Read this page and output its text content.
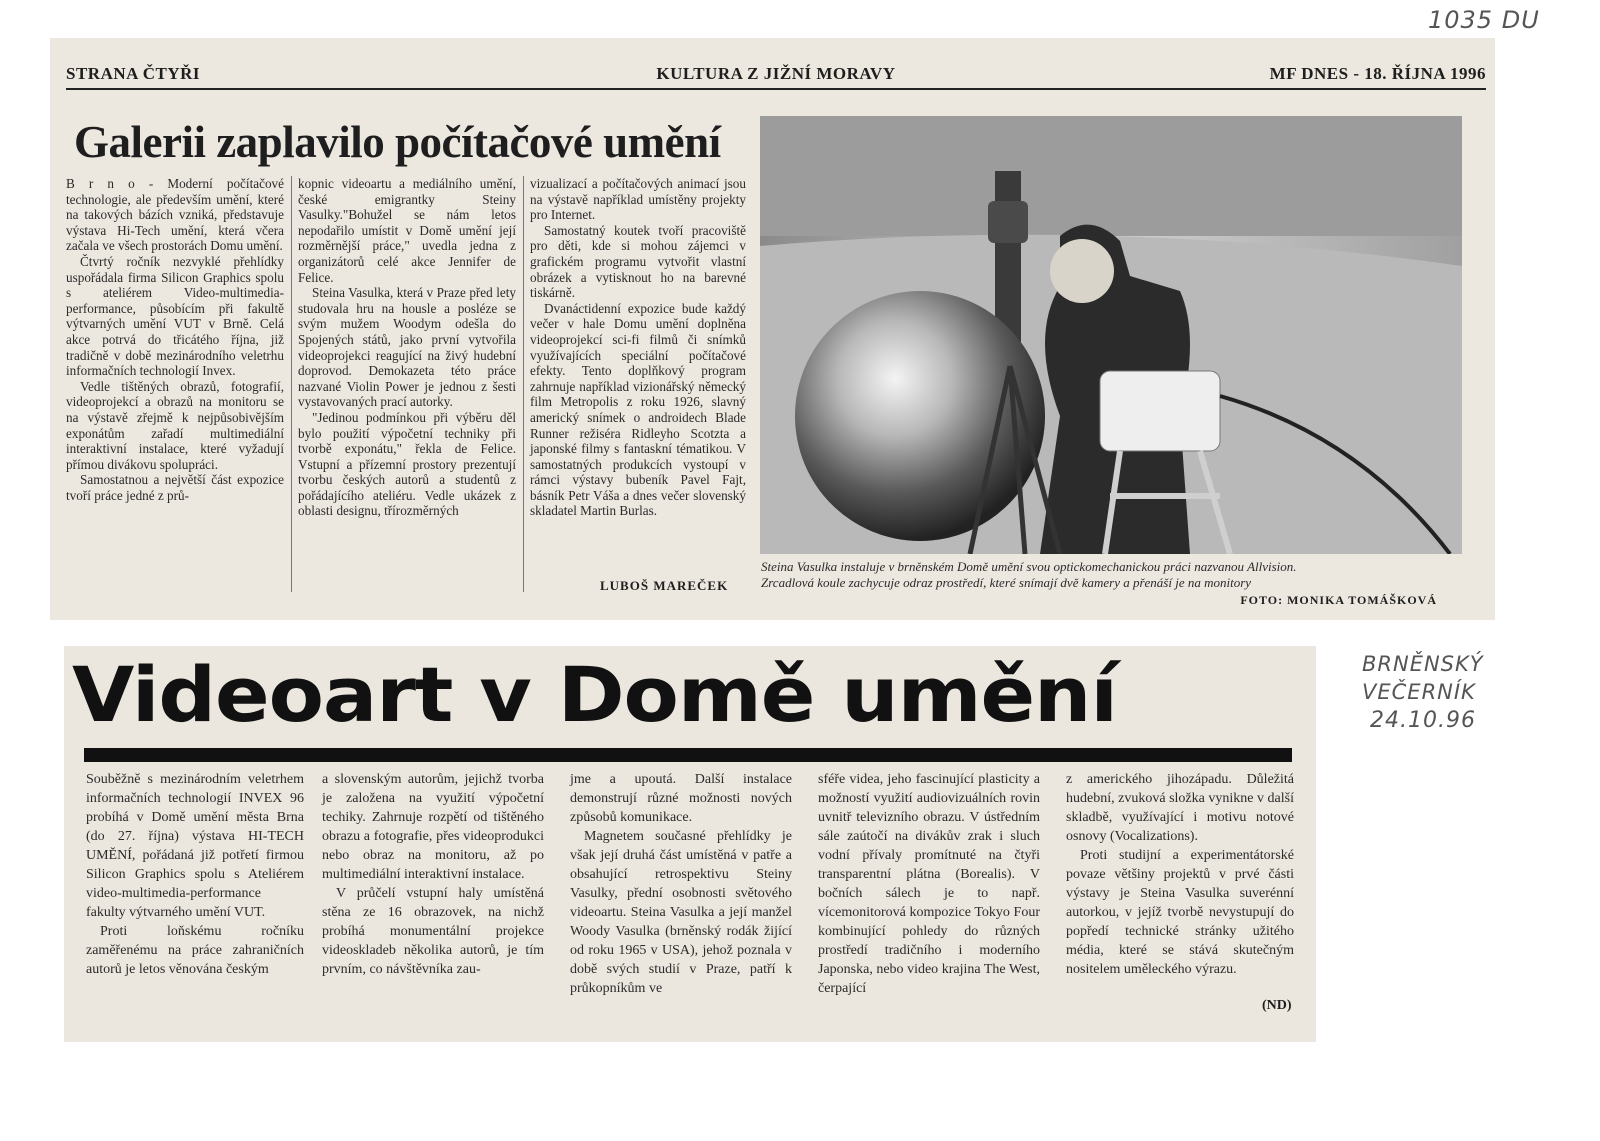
1035 DU
BRNĚNSKÝ
VEČERNÍK
24.10.96
STRANA ČTYŘI	KULTURA Z JIŽNÍ MORAVY	MF DNES - 18. ŘÍJNA 1996
Galerii zaplavilo počítačové umění

B r n o - Moderní počítačové technologie, ale především umění, které na takových bázích vzniká, představuje výstava Hi-Tech umění, která včera začala ve všech prostorách Domu umění.

Čtvrtý ročník nezvyklé přehlídky uspořádala firma Silicon Graphics spolu s ateliérem Video-multimedia-performance, působícím při fakultě výtvarných umění VUT v Brně. Celá akce potrvá do třicátého října, již tradičně v době mezinárodního veletrhu informačních technologií Invex.

Vedle tištěných obrazů, fotografií, videoprojekcí a obrazů na monitoru se na výstavě zřejmě k nejpůsobivějším exponátům zařadí multimediální interaktivní instalace, které vyžadují přímou divákovu spolupráci.

Samostatnou a největší část expozice tvoří práce jedné z prů-

kopnic videoartu a mediálního umění, české emigrantky Steiny Vasulky."Bohužel se nám letos nepodařilo umístit v Domě umění její rozměrnější práce," uvedla jedna z organizátorů celé akce Jennifer de Felice.

Steina Vasulka, která v Praze před lety studovala hru na housle a posléze se svým mužem Woodym odešla do Spojených států, jako první vytvořila videoprojekci reagující na živý hudební doprovod. Demokazeta této práce nazvané Violin Power je jednou z šesti vystavovaných prací autorky.

"Jedinou podmínkou při výběru děl bylo použití výpočetní techniky při tvorbě exponátu," řekla de Felice. Vstupní a přízemní prostory prezentují tvorbu českých autorů a studentů z pořádajícího ateliéru. Vedle ukázek z oblasti designu, třírozměrných

vizualizací a počítačových animací jsou na výstavě například umístěny projekty pro Internet.

Samostatný koutek tvoří pracoviště pro děti, kde si mohou zájemci v grafickém programu vytvořit vlastní obrázek a vytisknout ho na barevné tiskárně.

Dvanáctidenní expozice bude každý večer v hale Domu umění doplněna videoprojekcí sci-fi filmů či snímků využívajících speciální počítačové efekty. Tento doplňkový program zahrnuje například vizionářský německý film Metropolis z roku 1926, slavný americký snímek o androidech Blade Runner režiséra Ridleyho Scotzta a japonské filmy s fantaskní tématikou. V samostatných produkcích vystoupí v rámci výstavy bubeník Pavel Fajt, básník Petr Váša a dnes večer slovenský skladatel Martin Burlas.

LUBOŠ MAREČEK
Steina Vasulka instaluje v brněnském Domě umění svou optickomechanickou práci nazvanou Allvision.
Zrcadlová koule zachycuje odraz prostředí, které snímají dvě kamery a přenáší je na monitory
FOTO: MONIKA TOMÁŠKOVÁ
Videoart v Domě umění

Souběžně s mezinárodním veletrhem informačních technologií INVEX 96 probíhá v Domě umění města Brna (do 27. října) výstava HI-TECH UMĚNÍ, pořádaná již potřetí firmou Silicon Graphics spolu s Ateliérem video-multimedia-performance fakulty výtvarného umění VUT.

Proti loňskému ročníku zaměřenému na práce zahraničních autorů je letos věnována českým

a slovenským autorům, jejichž tvorba je založena na využití výpočetní techiky. Zahrnuje rozpětí od tištěného obrazu a fotografie, přes videoprodukci nebo obraz na monitoru, až po multimediální interaktivní instalace.

V průčelí vstupní haly umístěná stěna ze 16 obrazovek, na nichž probíhá monumentální projekce videoskladeb několika autorů, je tím prvním, co návštěvníka zau-

jme a upoutá. Další instalace demonstrují různé možnosti nových způsobů komunikace.

Magnetem současné přehlídky je však její druhá část umístěná v patře a obsahující retrospektivu Steiny Vasulky, přední osobnosti světového videoartu. Steina Vasulka a její manžel Woody Vasulka (brněnský rodák žijící od roku 1965 v USA), jehož poznala v době svých studií v Praze, patří k průkopníkům ve

sféře videa, jeho fascinující plasticity a možností využití audiovizuálních rovin uvnitř televizního obrazu. V ústředním sále zaútočí na divákův zrak i sluch vodní přívaly promítnuté na čtyři transparentní plátna (Borealis). V bočních sálech je to např. vícemonitorová kompozice Tokyo Four kombinující pohledy do různých prostředí tradičního i moderního Japonska, nebo video krajina The West, čerpající

z amerického jihozápadu. Důležitá hudební, zvuková složka vynikne v další skladbě, využívající i motivu notové osnovy (Vocalizations).

Proti studijní a experimentátorské povaze většiny projektů v prvé části výstavy je Steina Vasulka suverénní autorkou, v jejíž tvorbě nevystupují do popředí technické stránky užitého média, které se stává skutečným nositelem uměleckého výrazu.

(ND)
